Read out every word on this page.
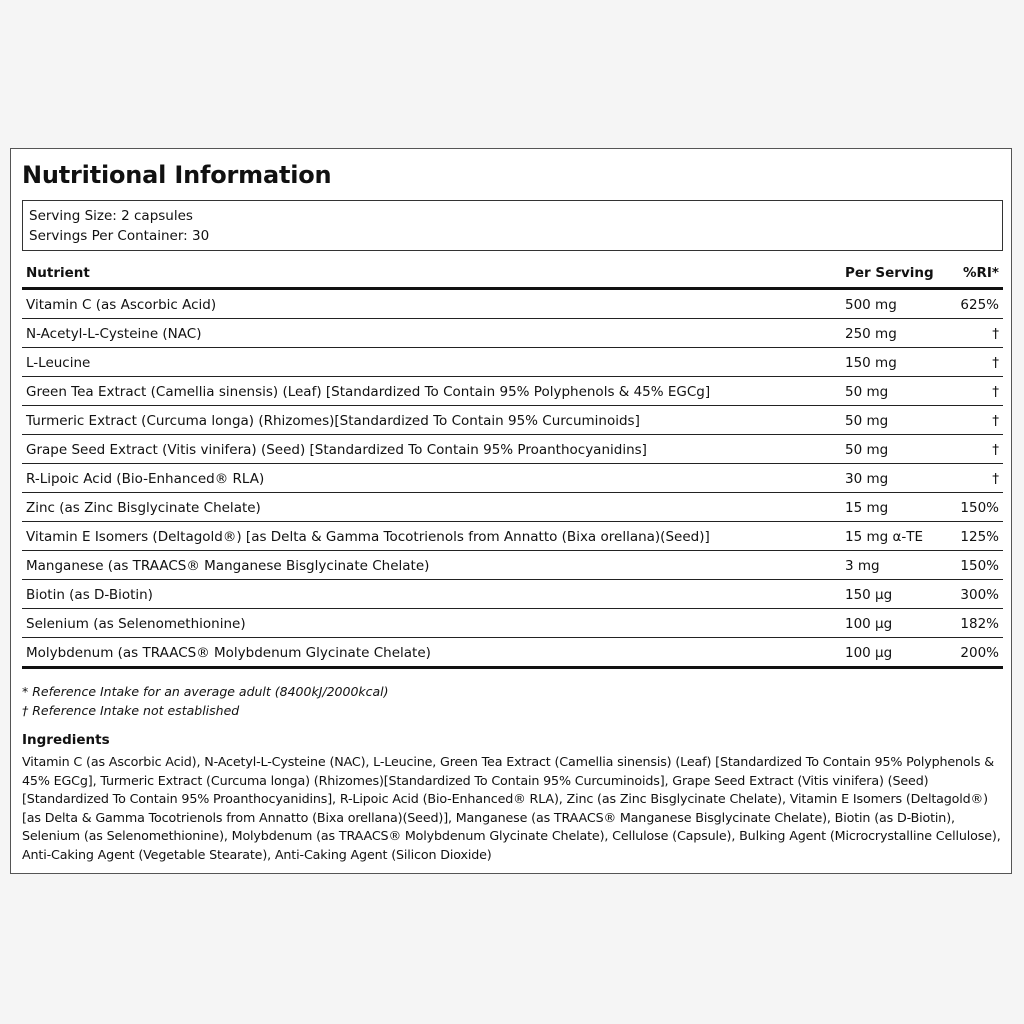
Nutritional Information
Serving Size: 2 capsules
Servings Per Container: 30
Nutrient	Per Serving %RI*
Vitamin C (as Ascorbic Acid)	500 mg	625%
N-Acetyl-L-Cysteine (NAC)	250 mg	†
L-Leucine	150 mg	†
Green Tea Extract (Camellia sinensis) (Leaf) [Standardized To Contain 95% Polyphenols & 45% EGCg]	50 mg	†
Turmeric Extract (Curcuma longa) (Rhizomes)[Standardized To Contain 95% Curcuminoids]	50 mg	†
Grape Seed Extract (Vitis vinifera) (Seed) [Standardized To Contain 95% Proanthocyanidins]	50 mg	†
R-Lipoic Acid (Bio-Enhanced® RLA)	30 mg	†
Zinc (as Zinc Bisglycinate Chelate)	15 mg	150%
Vitamin E Isomers (Deltagold®) [as Delta & Gamma Tocotrienols from Annatto (Bixa orellana)(Seed)]	15 mg α-TE	125%
Manganese (as TRAACS® Manganese Bisglycinate Chelate)	3 mg	150%
Biotin (as D-Biotin)	150 µg	300%
Selenium (as Selenomethionine)	100 µg	182%
Molybdenum (as TRAACS® Molybdenum Glycinate Chelate)	100 µg	200%
* Reference Intake for an average adult (8400kJ/2000kcal)
† Reference Intake not established
Ingredients
Vitamin C (as Ascorbic Acid), N-Acetyl-L-Cysteine (NAC), L-Leucine, Green Tea Extract (Camellia sinensis) (Leaf) [Standardized To Contain 95% Polyphenols & 45% EGCg], Turmeric Extract (Curcuma longa) (Rhizomes)[Standardized To Contain 95% Curcuminoids], Grape Seed Extract (Vitis vinifera) (Seed) [Standardized To Contain 95% Proanthocyanidins], R-Lipoic Acid (Bio-Enhanced® RLA), Zinc (as Zinc Bisglycinate Chelate), Vitamin E Isomers (Deltagold®) [as Delta & Gamma Tocotrienols from Annatto (Bixa orellana)(Seed)], Manganese (as TRAACS® Manganese Bisglycinate Chelate), Biotin (as D-Biotin), Selenium (as Selenomethionine), Molybdenum (as TRAACS® Molybdenum Glycinate Chelate), Cellulose (Capsule), Bulking Agent (Microcrystalline Cellulose), Anti-Caking Agent (Vegetable Stearate), Anti-Caking Agent (Silicon Dioxide)
